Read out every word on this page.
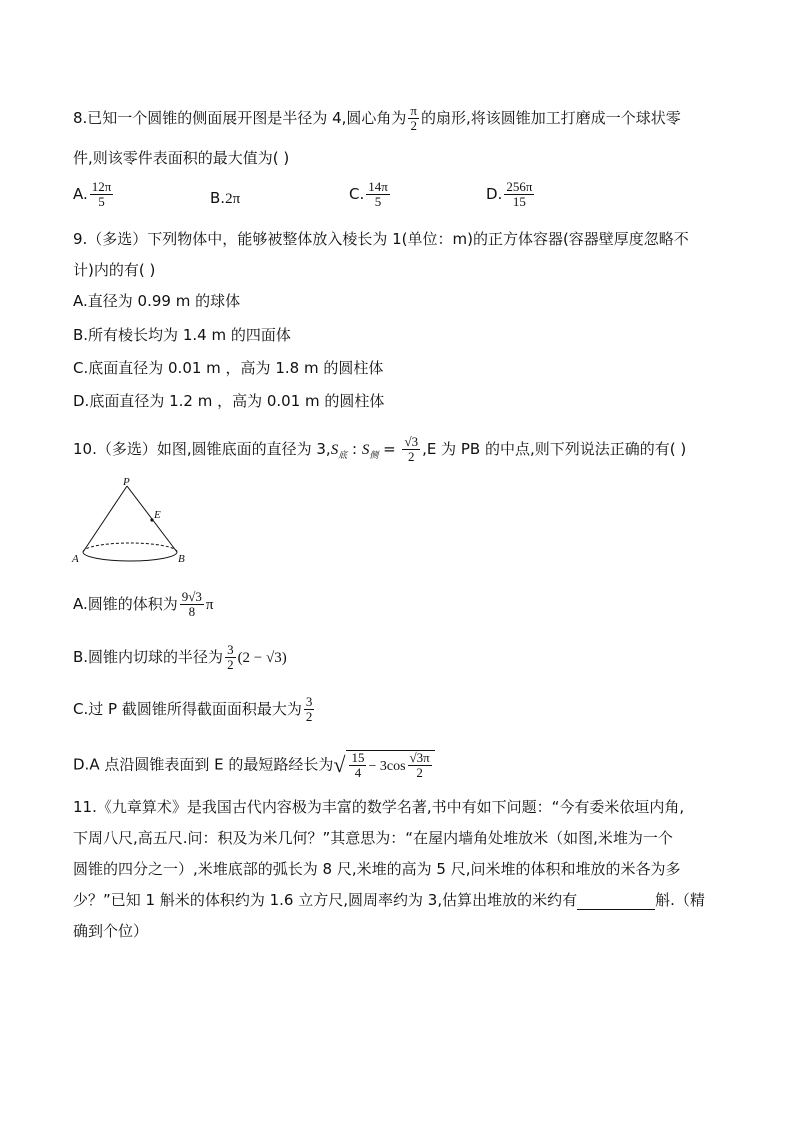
8.已知一个圆锥的侧面展开图是半径为 4,圆心角为 $\frac{\pi}{2}$ 的扇形,将该圆锥加工打磨成一个球状零
件,则该零件表面积的最大值为( )
A. $\frac{12\pi}{5}$	B.2π	C. $\frac{14\pi}{5}$	D. $\frac{256\pi}{15}$
9.（多选）下列物体中，能够被整体放入棱长为 1(单位：m)的正方体容器(容器壁厚度忽略不
计)内的有( )
A.直径为 0.99 m 的球体
B.所有棱长均为 1.4 m 的四面体
C.底面直径为 0.01 m ，高为 1.8 m 的圆柱体
D.底面直径为 1.2 m ，高为 0.01 m 的圆柱体
10.（多选）如图,圆锥底面的直径为 $3,S_底$ : $S_侧 = \frac{√3}{2} ,E$ 为 PB 的中点,则下列说法正确的有( )
P
E
A	B
A.圆锥的体积为 $\frac{9√3}{8}$ π
B.圆锥内切球的半径为 $\frac{3}{2} (2 - √3)$
C.过 P 截圆锥所得截面面积最大为 $\frac{3}{2}$
D.A 点沿圆锥表面到 E 的最短路经长为√ $\frac{15}{4} - 3\cos \frac{√3\pi}{2}$
11.《九章算术》是我国古代内容极为丰富的数学名著,书中有如下问题：“今有委米依垣内角,
下周八尺,高五尺.问：积及为米几何？”其意思为：“在屋内墙角处堆放米（如图,米堆为一个
圆锥的四分之一）,米堆底部的弧长为 8 尺,米堆的高为 5 尺,问米堆的体积和堆放的米各为多
少？”已知 1 斛米的体积约为 1.6 立方尺,圆周率约为 3,估算出堆放的米约有	斛.（精
确到个位）
